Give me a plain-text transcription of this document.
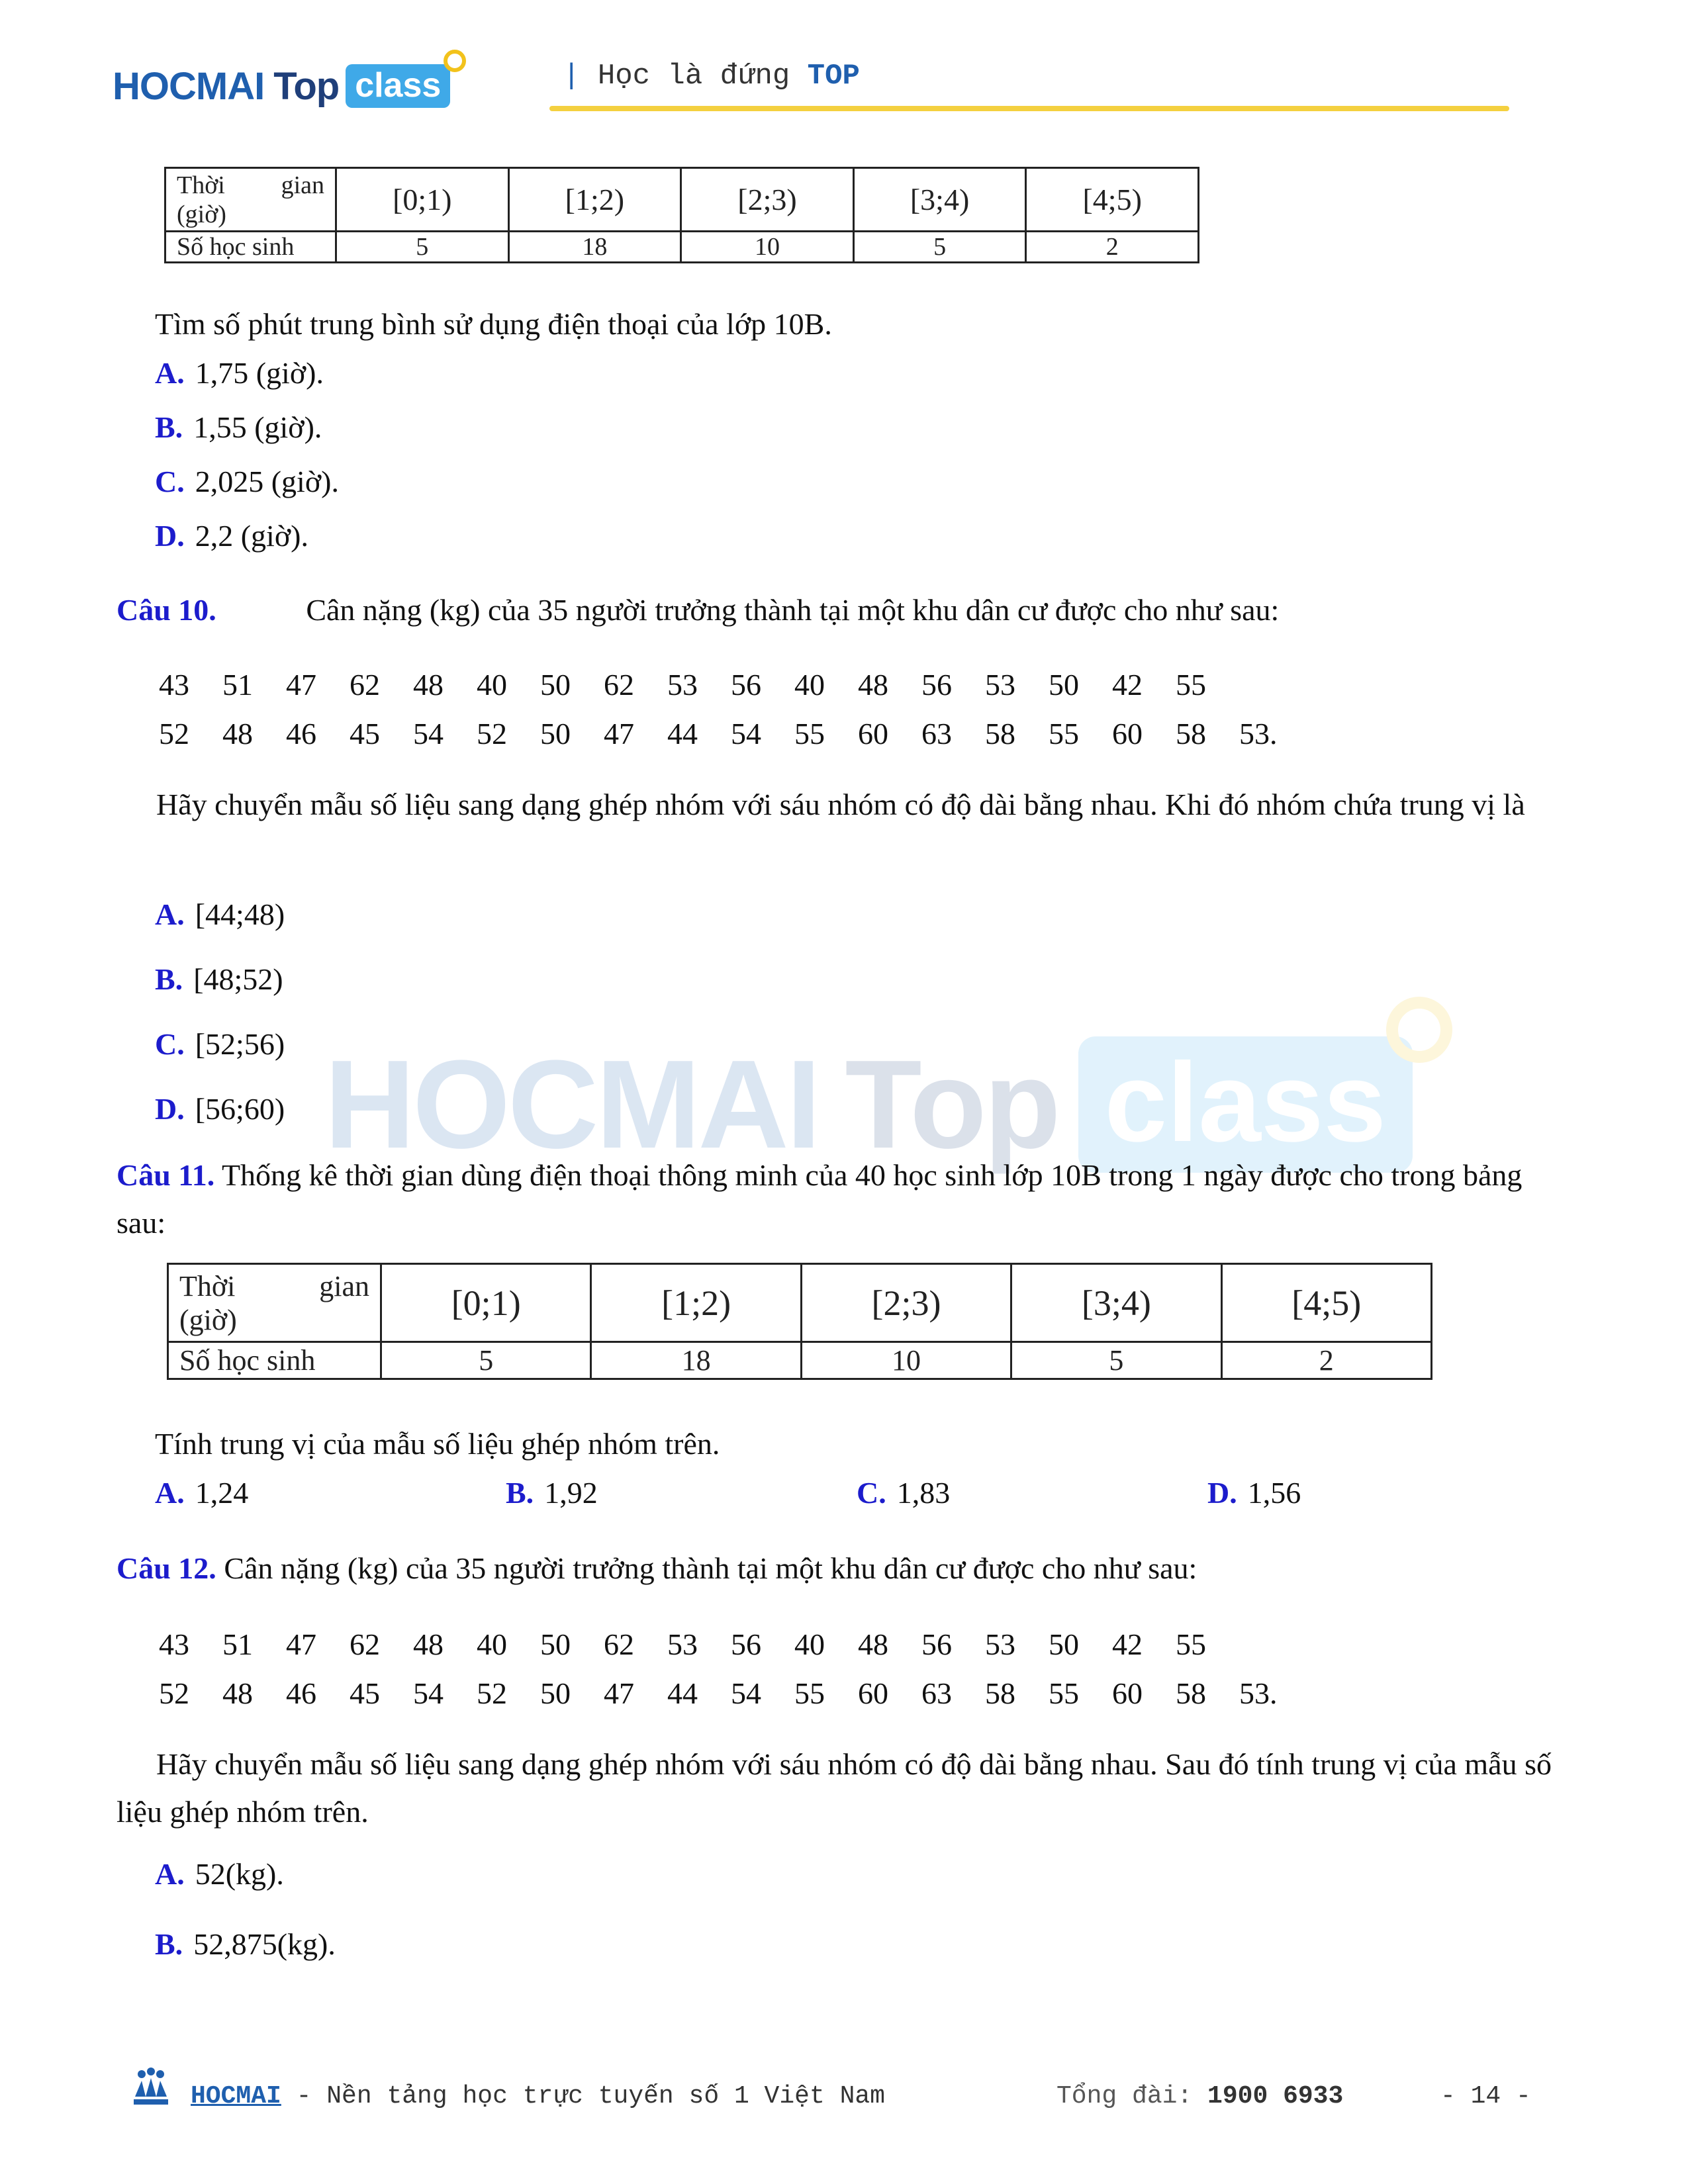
HOCMAI Top class	| Học là đứng TOP
Thời gian
(giờ)	[0;1)	[1;2)	[2;3)	[3;4)	[4;5)
Số học sinh	5	18	10	5	2
Tìm số phút trung bình sử dụng điện thoại của lớp 10B.
A. 1,75 (giờ).
B. 1,55 (giờ).
C. 2,025 (giờ).
D. 2,2 (giờ).
Câu 10.	Cân nặng (kg) của 35 người trưởng thành tại một khu dân cư được cho như sau:
43	51	47	62	48	40	50	62	53	56	40	48	56	53	50	42	55
52	48	46	45	54	52	50	47	44	54	55	60	63	58	55	60	58	53.
Hãy chuyển mẫu số liệu sang dạng ghép nhóm với sáu nhóm có độ dài bằng nhau. Khi đó nhóm chứa trung vị là
A. [44;48)
B. [48;52)
C. [52;56)
D. [56;60) HOCMAI Top class
Câu 11. Thống kê thời gian dùng điện thoại thông minh của 40 học sinh lớp 10B trong 1 ngày được cho trong bảng sau:
Thời gian
(giờ)	[0;1)	[1;2)	[2;3)	[3;4)	[4;5)
Số học sinh	5	18	10	5	2
Tính trung vị của mẫu số liệu ghép nhóm trên.
A. 1,24	B. 1,92	C. 1,83	D. 1,56
Câu 12. Cân nặng (kg) của 35 người trưởng thành tại một khu dân cư được cho như sau:
43	51	47	62	48	40	50	62	53	56	40	48	56	53	50	42	55
52	48	46	45	54	52	50	47	44	54	55	60	63	58	55	60	58	53.
Hãy chuyển mẫu số liệu sang dạng ghép nhóm với sáu nhóm có độ dài bằng nhau. Sau đó tính trung vị của mẫu số liệu ghép nhóm trên.
A. 52(kg).
B. 52,875(kg).
HOCMAI - Nền tảng học trực tuyến số 1 Việt Nam	Tổng đài: 1900 6933	- 14 -
